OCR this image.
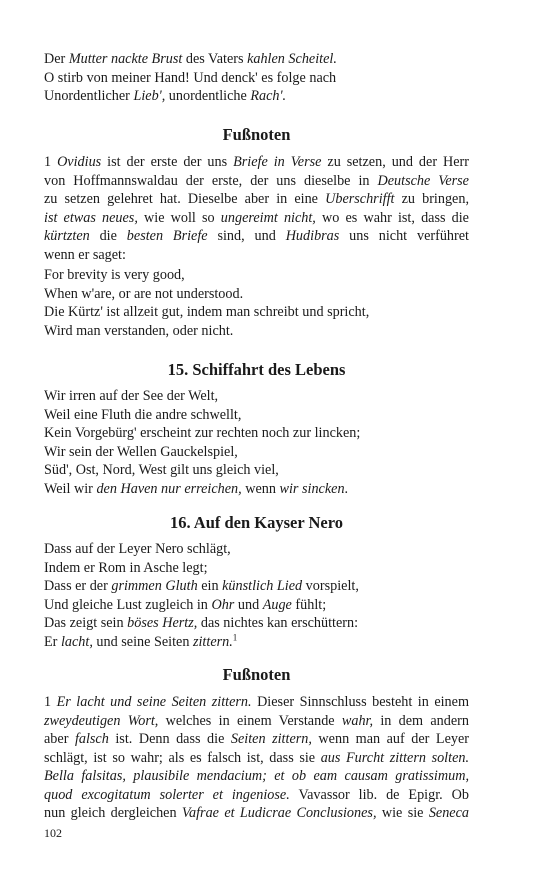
Der Mutter nackte Brust des Vaters kahlen Scheitel.
O stirb von meiner Hand! Und denck' es folge nach
Unordentlicher Lieb', unordentliche Rach'.
Fußnoten
1 Ovidius ist der erste der uns Briefe in Verse zu setzen, und der Herr
von Hoffmannswaldau der erste, der uns dieselbe in Deutsche Verse
zu setzen gelehret hat. Dieselbe aber in eine Uberschrifft zu bringen,
ist etwas neues, wie woll so ungereimt nicht, wo es wahr ist, dass die
kürtzten die besten Briefe sind, und Hudibras uns nicht verführet
wenn er saget:
For brevity is very good,
When w'are, or are not understood.
Die Kürtz' ist allzeit gut, indem man schreibt und spricht,
Wird man verstanden, oder nicht.
15. Schiffahrt des Lebens
Wir irren auf der See der Welt,
Weil eine Fluth die andre schwellt,
Kein Vorgebürg' erscheint zur rechten noch zur lincken;
Wir sein der Wellen Gauckelspiel,
Süd', Ost, Nord, West gilt uns gleich viel,
Weil wir den Haven nur erreichen, wenn wir sincken.
16. Auf den Kayser Nero
Dass auf der Leyer Nero schlägt,
Indem er Rom in Asche legt;
Dass er der grimmen Gluth ein künstlich Lied vorspielt,
Und gleiche Lust zugleich in Ohr und Auge fühlt;
Das zeigt sein böses Hertz, das nichtes kan erschüttern:
Er lacht, und seine Seiten zittern.$^1$
Fußnoten
1 Er lacht und seine Seiten zittern. Dieser Sinnschluss besteht in einem
zweydeutigen Wort, welches in einem Verstande wahr, in dem andern
aber falsch ist. Denn dass die Seiten zittern, wenn man auf der Leyer
schlägt, ist so wahr; als es falsch ist, dass sie aus Furcht zittern solten.
Bella falsitas, plausibile mendacium; et ob eam causam gratissimum,
quod excogitatum solerter et ingeniose. Vavassor lib. de Epigr. Ob
nun gleich dergleichen Vafrae et Ludicrae Conclusiones, wie sie Seneca
102
